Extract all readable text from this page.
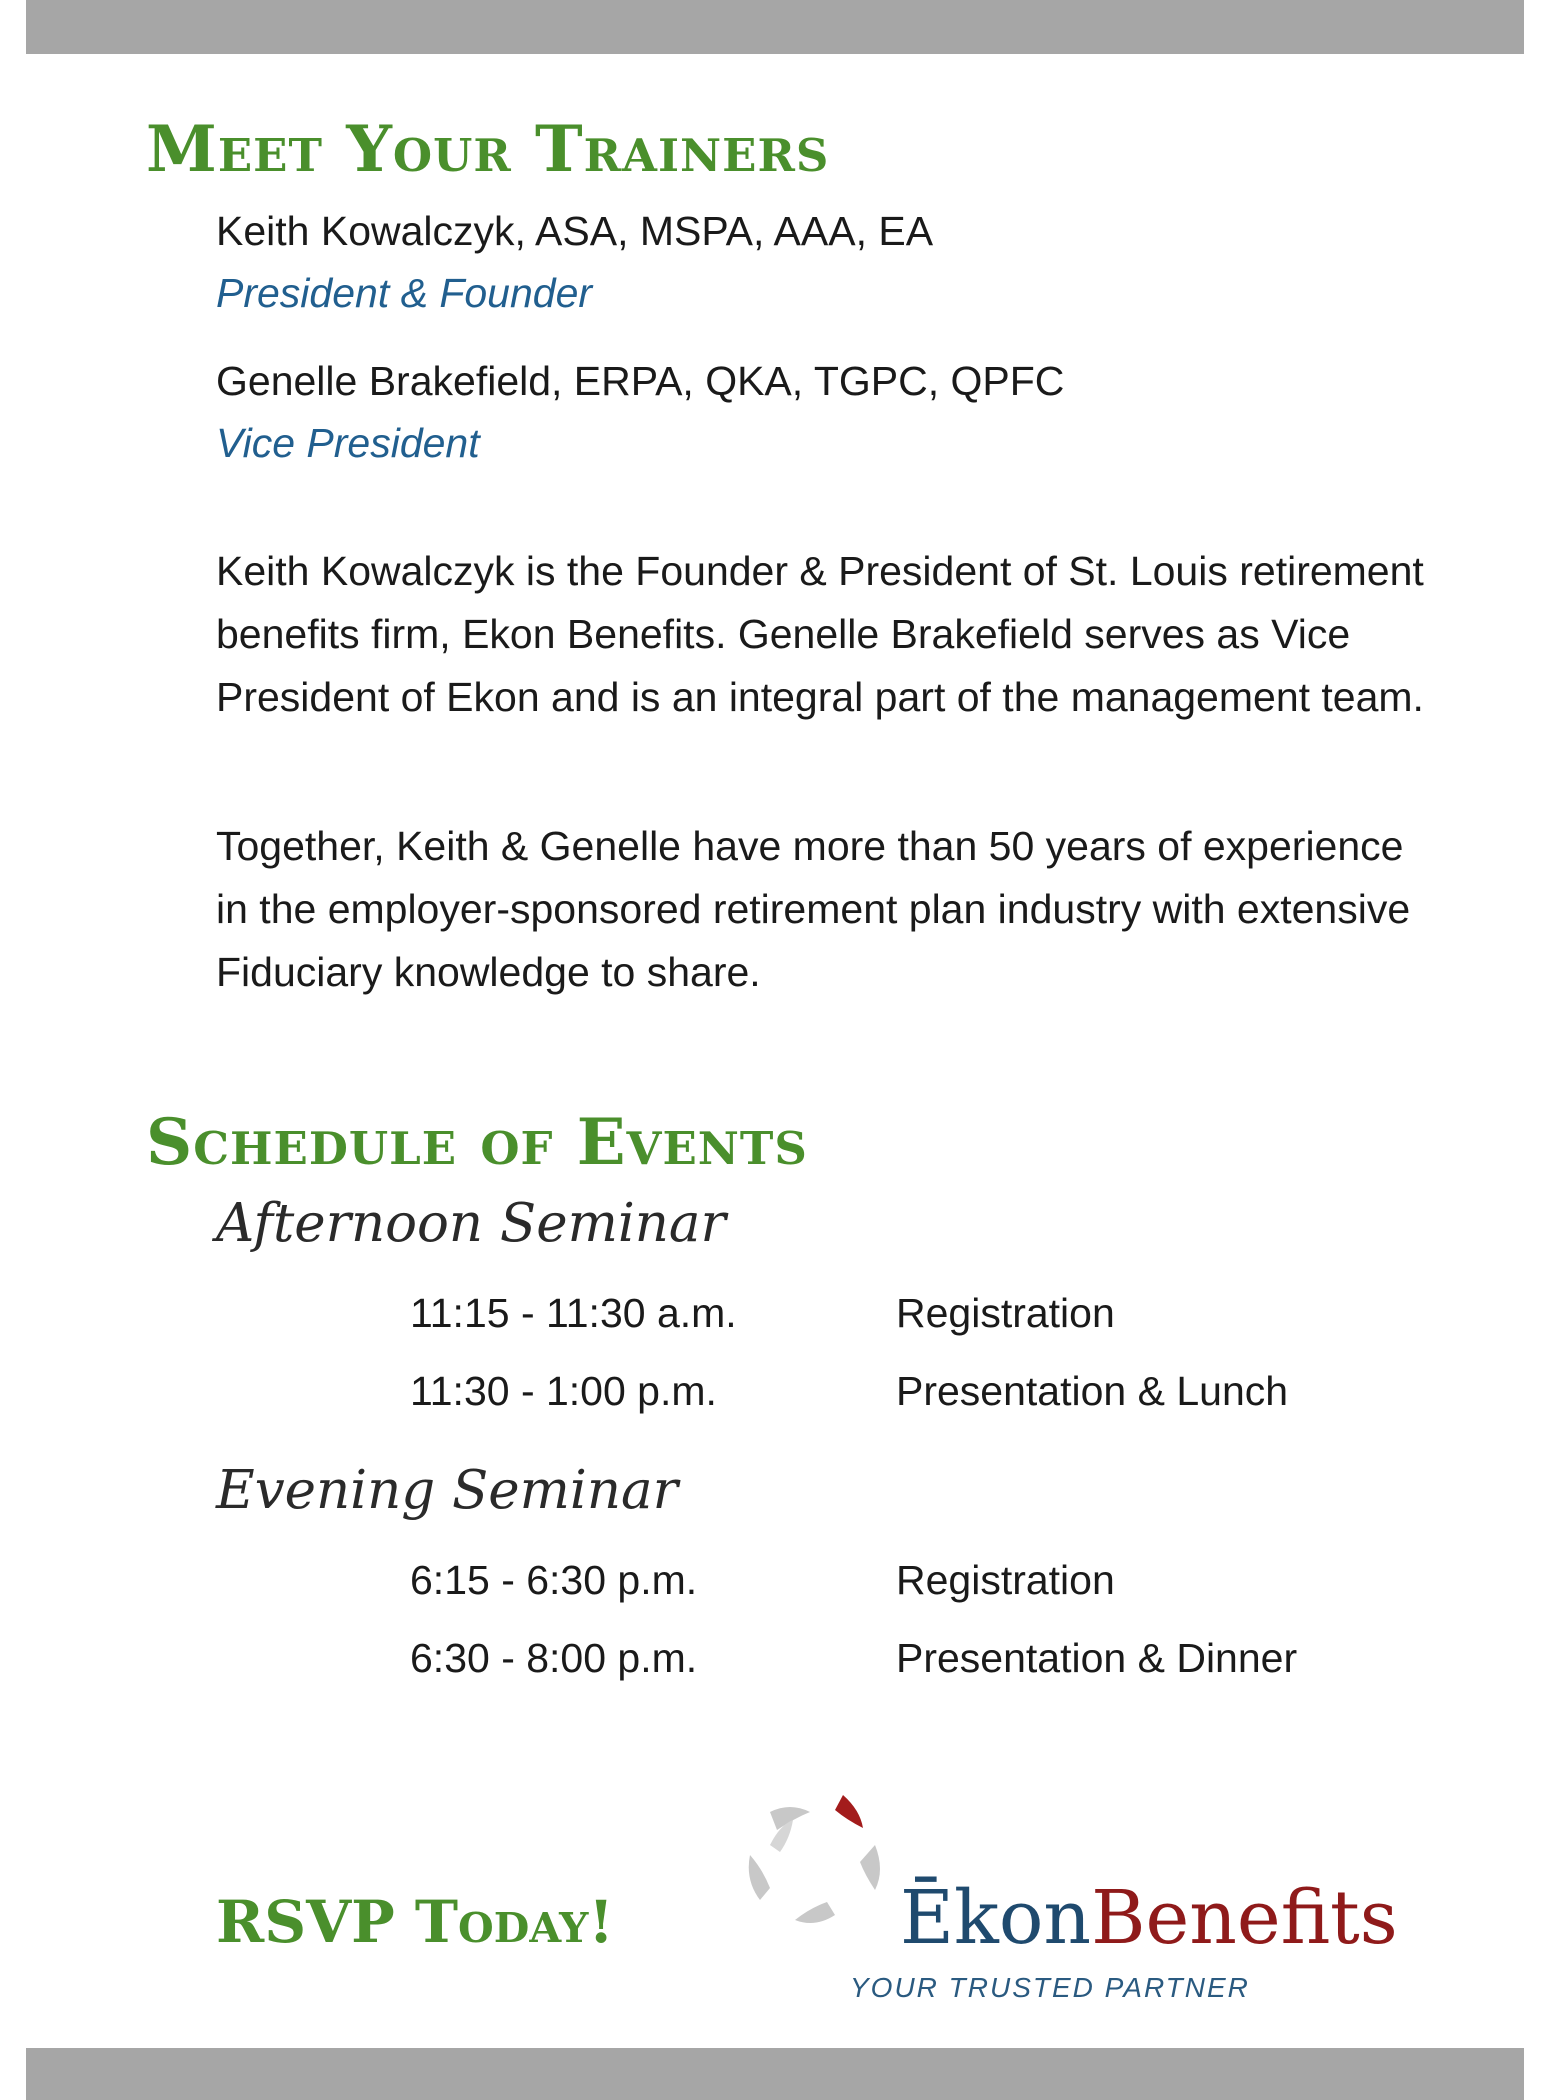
Meet Your Trainers
Keith Kowalczyk, ASA, MSPA, AAA, EA
President & Founder
Genelle Brakefield, ERPA, QKA, TGPC, QPFC
Vice President

Keith Kowalczyk is the Founder & President of St. Louis retirement benefits firm, Ekon Benefits. Genelle Brakefield serves as Vice President of Ekon and is an integral part of the management team.

Together, Keith & Genelle have more than 50 years of experience in the employer-sponsored retirement plan industry with extensive Fiduciary knowledge to share.

Schedule of Events
Afternoon Seminar
11:15 - 11:30 a.m.	Registration
11:30 - 1:00 p.m.	Presentation & Lunch
Evening Seminar
6:15 - 6:30 p.m.	Registration
6:30 - 8:00 p.m.	Presentation & Dinner
RSVP Today!	ĒkonBenefits
YOUR TRUSTED PARTNER
